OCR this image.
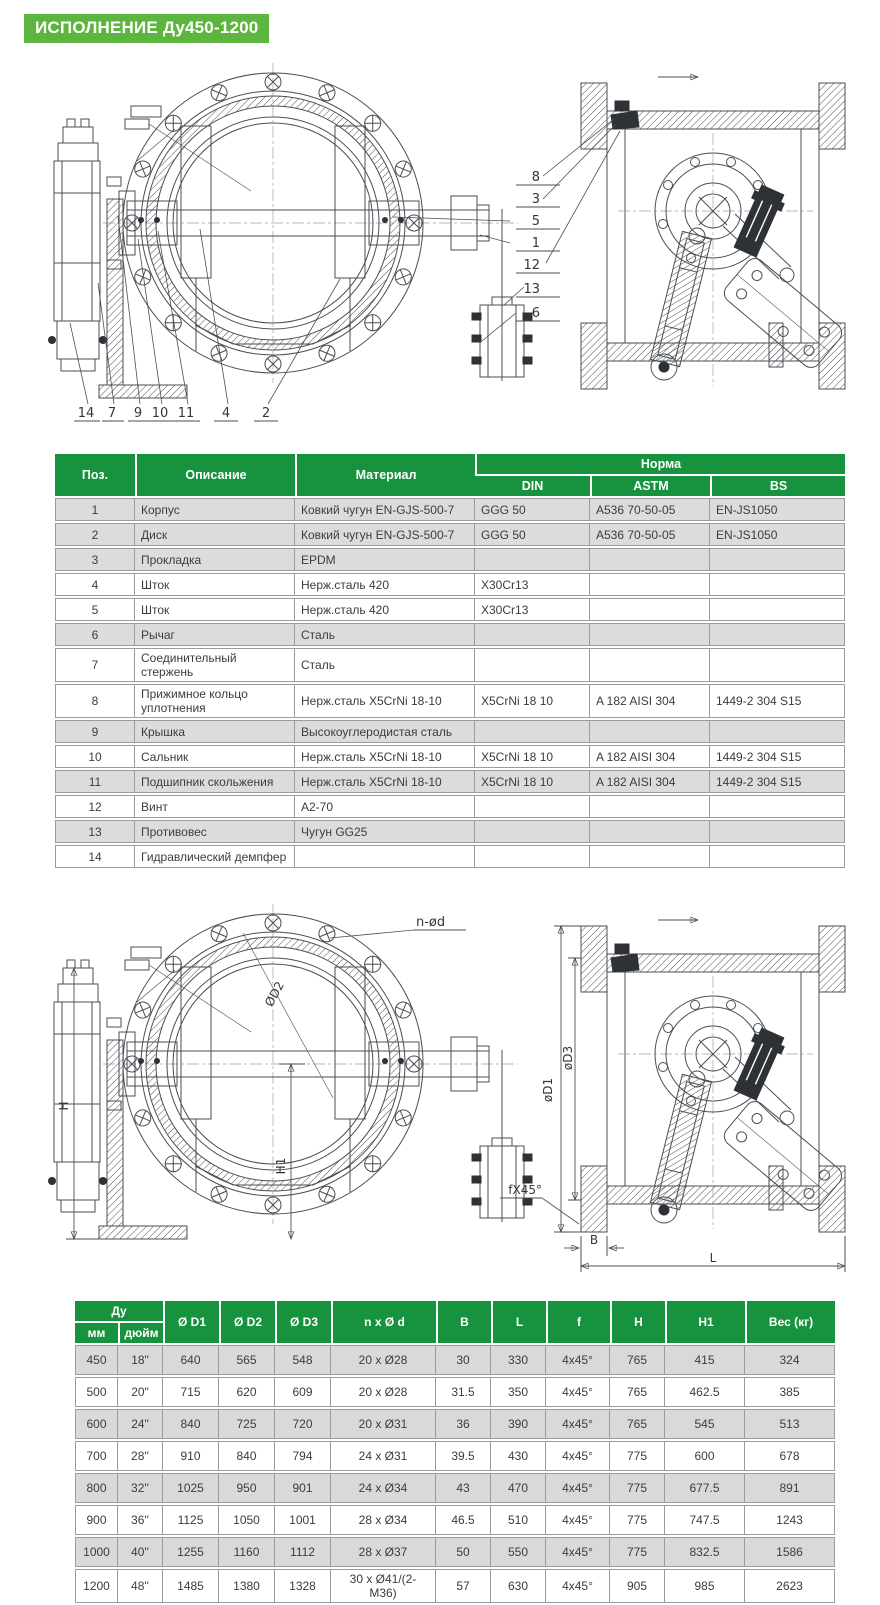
ИСПОЛНЕНИЕ Ду450-1200
8
3
5
1
12
13
6
14 7 9 10 11 4 2
Поз.	Описание	Материал	Норма		
			DIN	ASTM	BS
1	Корпус	Ковкий чугун EN-GJS-500-7	GGG 50	A536 70-50-05	EN-JS1050
2	Диск	Ковкий чугун EN-GJS-500-7	GGG 50	A536 70-50-05	EN-JS1050
3	Прокладка	EPDM			
4	Шток	Нерж.сталь 420	X30Cr13		
5	Шток	Нерж.сталь 420	X30Cr13		
6	Рычаг	Сталь			
7	Соединительный стержень	Сталь			
8	Прижимное кольцо уплотнения	Нерж.сталь X5CrNi 18-10	X5CrNi 18 10	A 182 AISI 304	1449-2 304 S15
9	Крышка	Высокоуглеродистая сталь			
10	Сальник	Нерж.сталь X5CrNi 18-10	X5CrNi 18 10	A 182 AISI 304	1449-2 304 S15
11	Подшипник скольжения	Нерж.сталь X5CrNi 18-10	X5CrNi 18 10	A 182 AISI 304	1449-2 304 S15
12	Винт	A2-70			
13	Противовес	Чугун GG25			
14	Гидравлический демпфер				
n-ød
ØD2
H
H1
øD1
øD3
fX45°
B
L
Ду		Ø D1	Ø D2	Ø D3	n x Ø d	B	L	f	H	H1	Вес (кг)
мм	дюйм										
450	18"	640	565	548	20 x Ø28	30	330	4x45°	765	415	324
500	20"	715	620	609	20 x Ø28	31.5	350	4x45°	765	462.5	385
600	24"	840	725	720	20 x Ø31	36	390	4x45°	765	545	513
700	28''	910	840	794	24 x Ø31	39.5	430	4x45°	775	600	678
800	32''	1025	950	901	24 x Ø34	43	470	4x45°	775	677.5	891
900	36''	1125	1050	1001	28 x Ø34	46.5	510	4x45°	775	747.5	1243
1000	40''	1255	1160	1112	28 x Ø37	50	550	4x45°	775	832.5	1586
1200	48''	1485	1380	1328	30 x Ø41/(2-M36)	57	630	4x45°	905	985	2623
